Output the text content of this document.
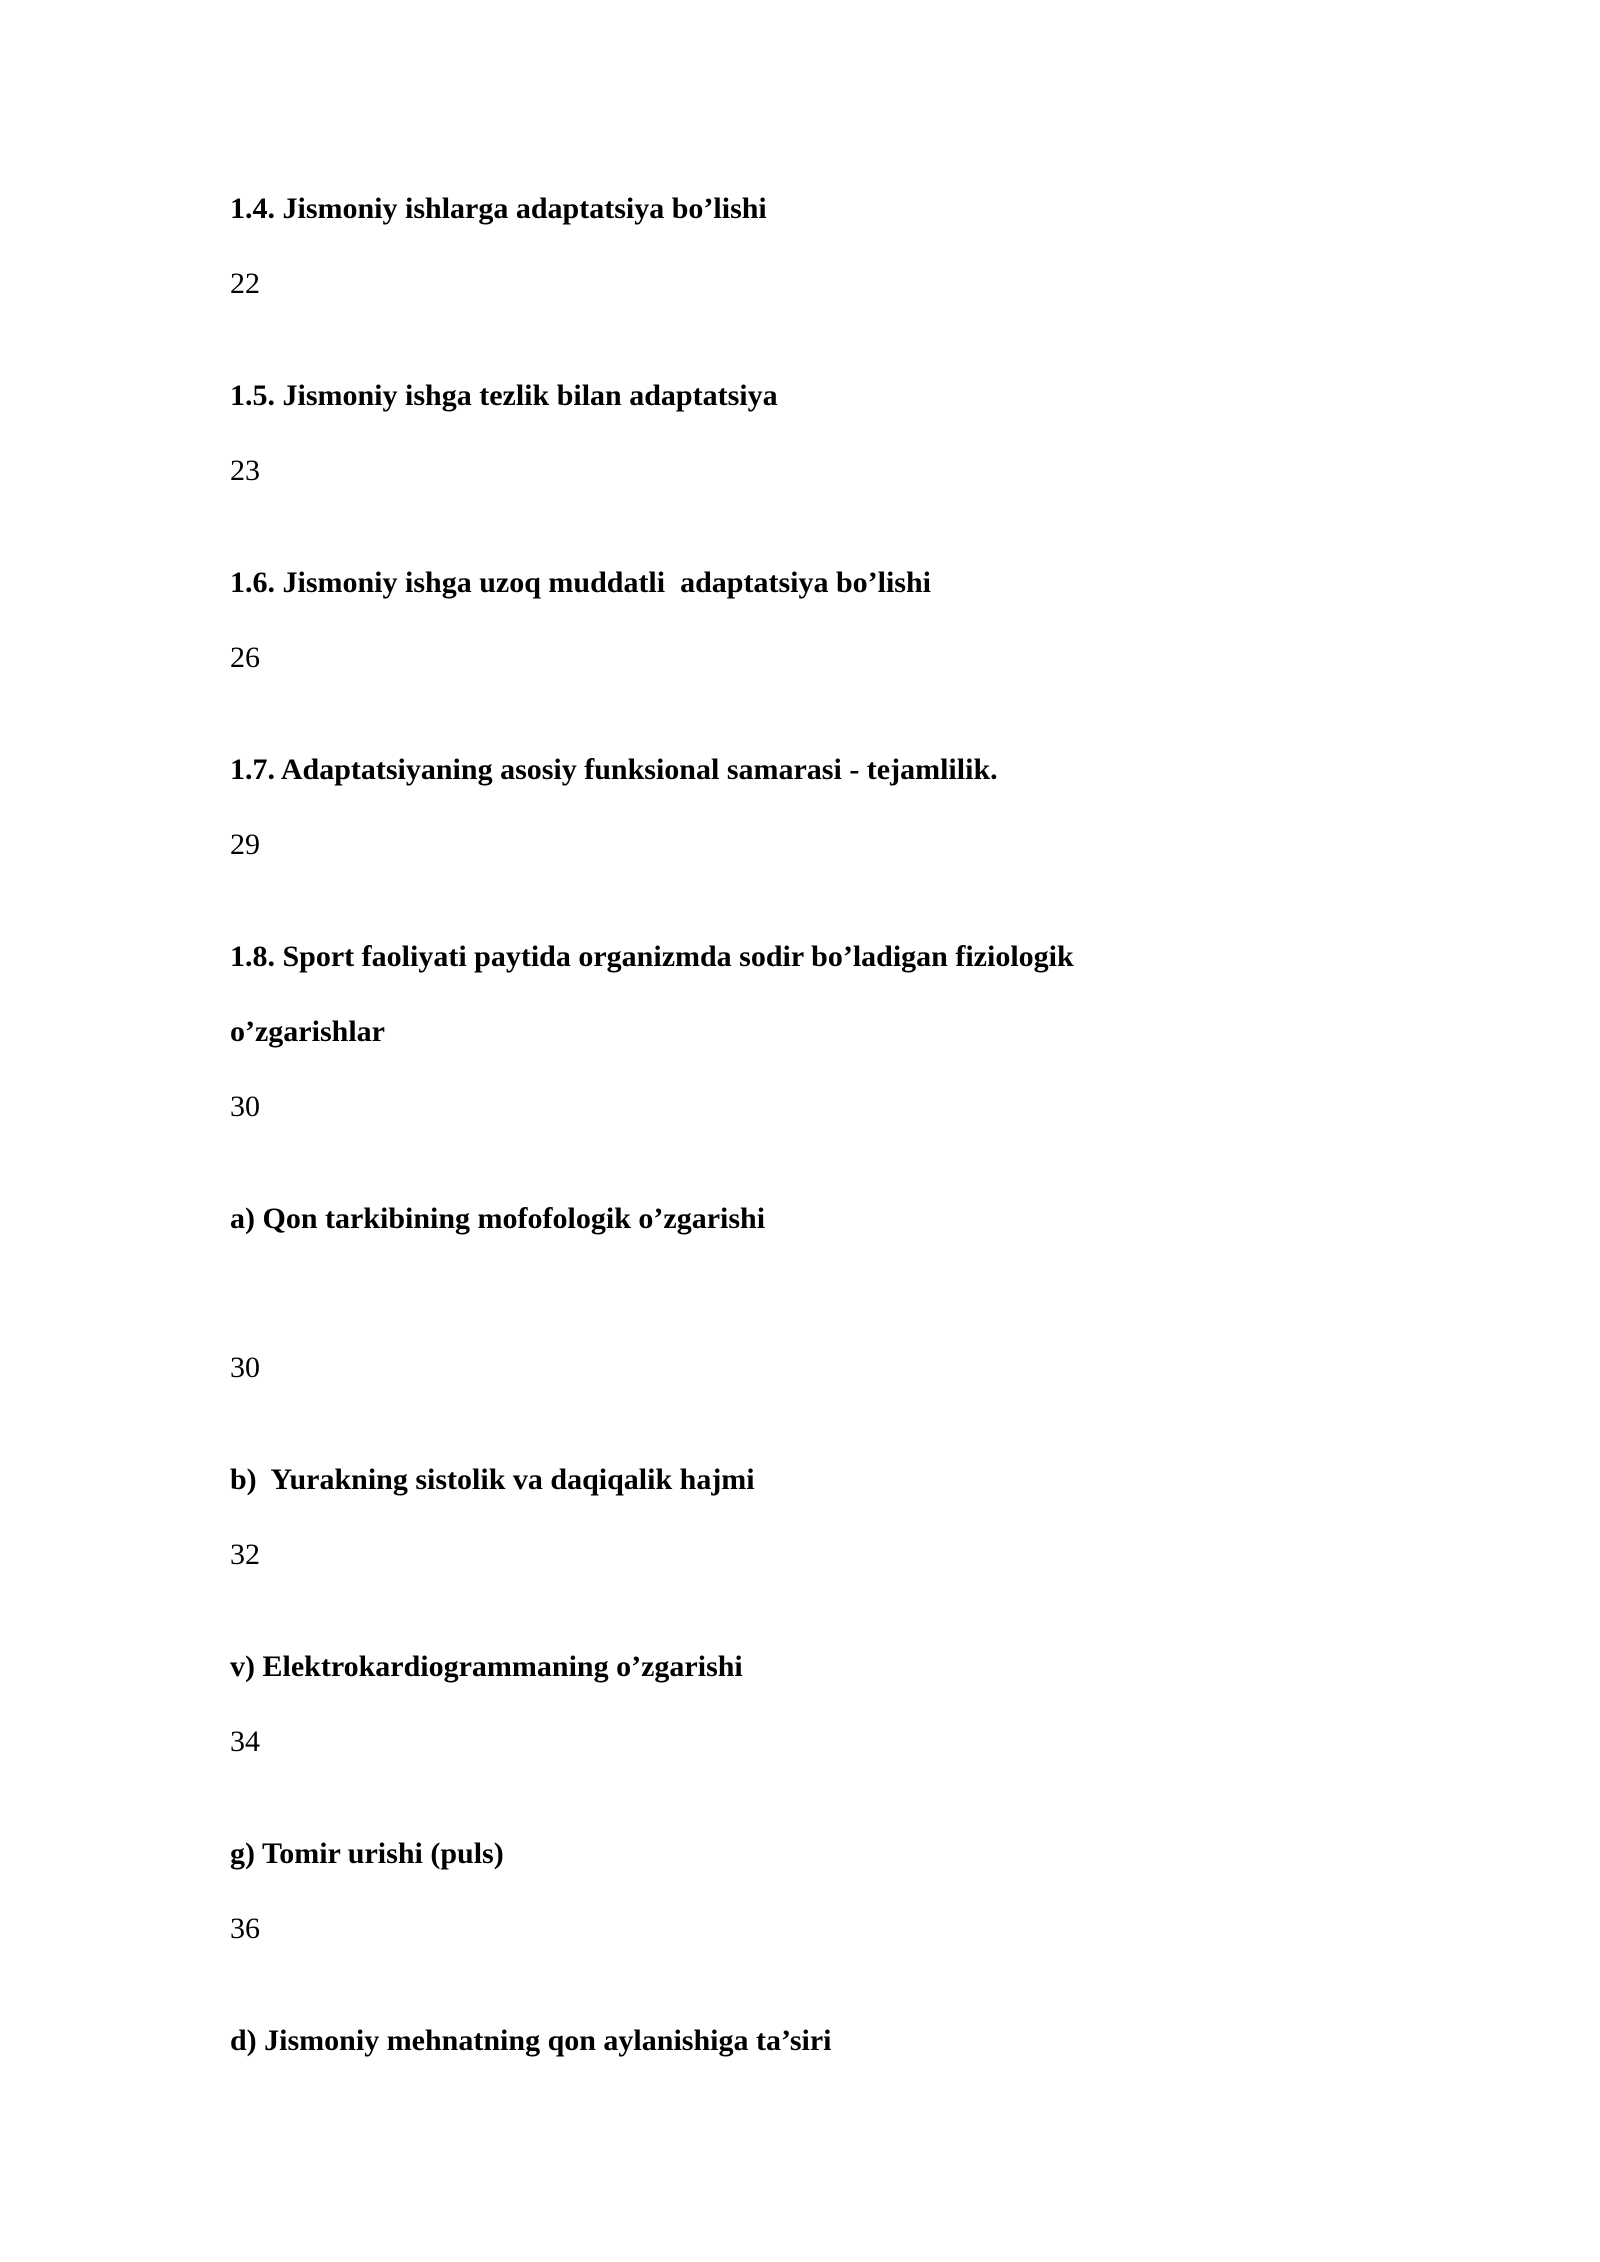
1.4. Jismoniy ishlarga adaptatsiya bo’lishi
22
1.5. Jismoniy ishga tezlik bilan adaptatsiya
23
1.6. Jismoniy ishga uzoq muddatli  adaptatsiya bo’lishi
26
1.7. Adaptatsiyaning asosiy funksional samarasi - tejamlilik.
29
1.8. Sport faoliyati paytida organizmda sodir bo’ladigan fiziologik
o’zgarishlar
30
a) Qon tarkibining mofofologik o’zgarishi
30
b)  Yurakning sistolik va daqiqalik hajmi
32
v) Elektrokardiogrammaning o’zgarishi
34
g) Tomir urishi (puls)
36
d) Jismoniy mehnatning qon aylanishiga ta’siri
